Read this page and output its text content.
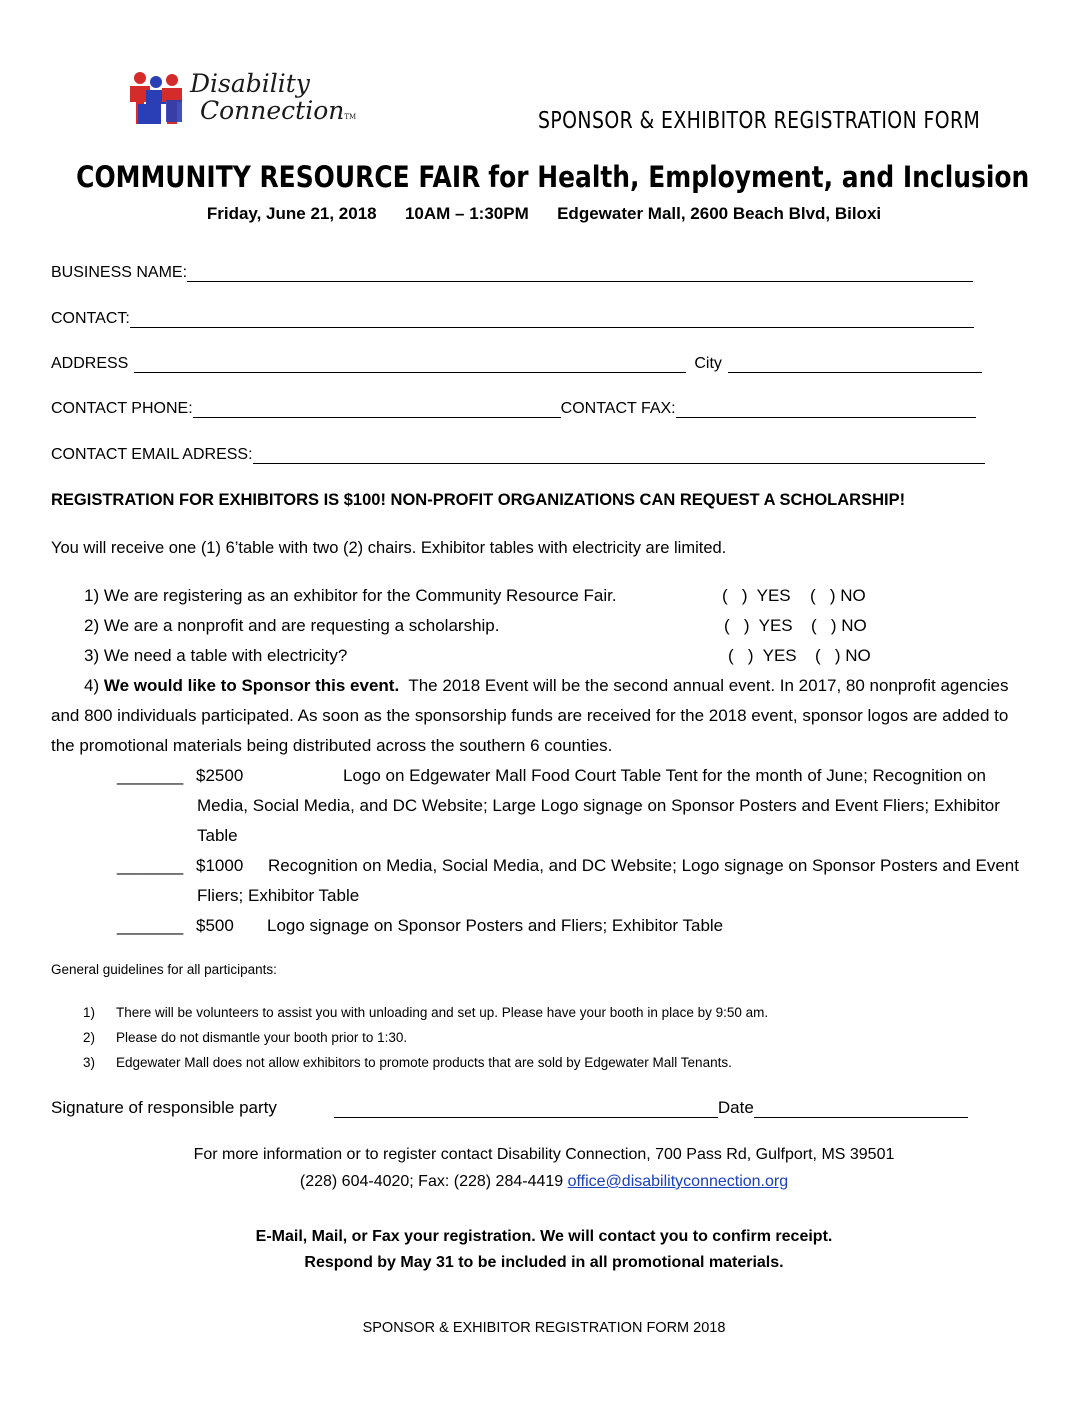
Disability
ConnectionTM	SPONSOR & EXHIBITOR REGISTRATION FORM
COMMUNITY RESOURCE FAIR for Health, Employment, and Inclusion
Friday, June 21, 2018 10AM – 1:30PM Edgewater Mall, 2600 Beach Blvd, Biloxi
BUSINESS NAME:
CONTACT:
ADDRESS	City
CONTACT PHONE:	CONTACT FAX:
CONTACT EMAIL ADRESS:
REGISTRATION FOR EXHIBITORS IS $100! NON-PROFIT ORGANIZATIONS CAN REQUEST A SCHOLARSHIP!
You will receive one (1) 6’table with two (2) chairs. Exhibitor tables with electricity are limited.
1) We are registering as an exhibitor for the Community Resource Fair.	(   )  YES (   ) NO
2) We are a nonprofit and are requesting a scholarship.	(   )  YES (   ) NO
3) We need a table with electricity?	(   )  YES (   ) NO
4) We would like to Sponsor this event. The 2018 Event will be the second annual event. In 2017, 80 nonprofit agencies and 800 individuals participated. As soon as the sponsorship funds are received for the 2018 event, sponsor logos are added to the promotional materials being distributed across the southern 6 counties.
_______ $2500	Logo on Edgewater Mall Food Court Table Tent for the month of June; Recognition on Media, Social Media, and DC Website; Large Logo signage on Sponsor Posters and Event Fliers; Exhibitor Table
_______ $1000	Recognition on Media, Social Media, and DC Website; Logo signage on Sponsor Posters and Event Fliers; Exhibitor Table
_______ $500 Logo signage on Sponsor Posters and Fliers; Exhibitor Table
General guidelines for all participants:
1) There will be volunteers to assist you with unloading and set up. Please have your booth in place by 9:50 am.
2) Please do not dismantle your booth prior to 1:30.
3) Edgewater Mall does not allow exhibitors to promote products that are sold by Edgewater Mall Tenants.
Signature of responsible party	Date
For more information or to register contact Disability Connection, 700 Pass Rd, Gulfport, MS 39501
(228) 604-4020; Fax: (228) 284-4419 office@disabilityconnection.org
E-Mail, Mail, or Fax your registration. We will contact you to confirm receipt.
Respond by May 31 to be included in all promotional materials.
SPONSOR & EXHIBITOR REGISTRATION FORM 2018
